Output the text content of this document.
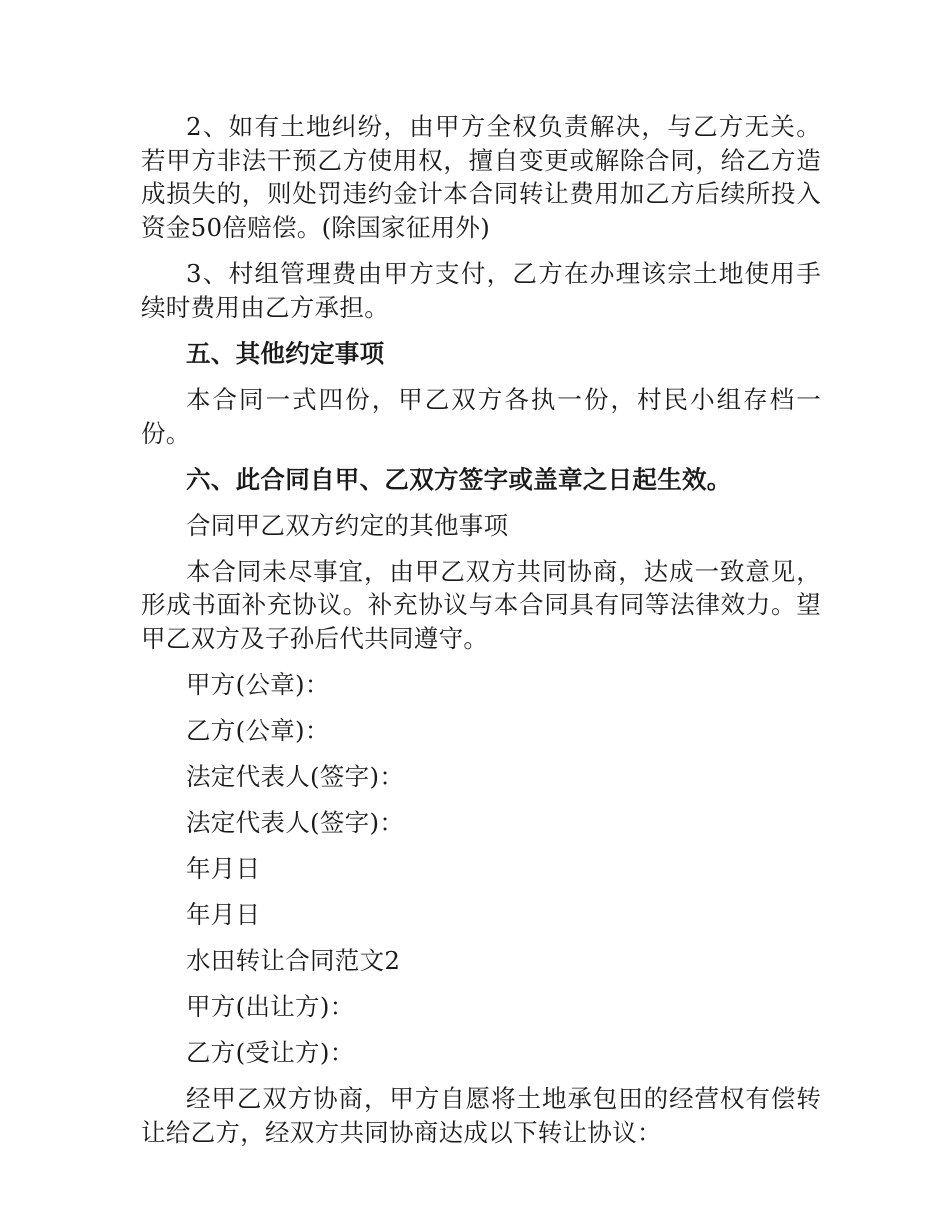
2、如有土地纠纷，由甲方全权负责解决，与乙方无关。若甲方非法干预乙方使用权，擅自变更或解除合同，给乙方造成损失的，则处罚违约金计本合同转让费用加乙方后续所投入资金50倍赔偿。(除国家征用外)

3、村组管理费由甲方支付，乙方在办理该宗土地使用手续时费用由乙方承担。

五、其他约定事项

本合同一式四份，甲乙双方各执一份，村民小组存档一份。

六、此合同自甲、乙双方签字或盖章之日起生效。

合同甲乙双方约定的其他事项

本合同未尽事宜，由甲乙双方共同协商，达成一致意见，形成书面补充协议。补充协议与本合同具有同等法律效力。望甲乙双方及子孙后代共同遵守。

甲方(公章)：

乙方(公章)：

法定代表人(签字)：

法定代表人(签字)：

年月日

年月日

水田转让合同范文2

甲方(出让方)：

乙方(受让方)：

经甲乙双方协商，甲方自愿将土地承包田的经营权有偿转让给乙方，经双方共同协商达成以下转让协议：
